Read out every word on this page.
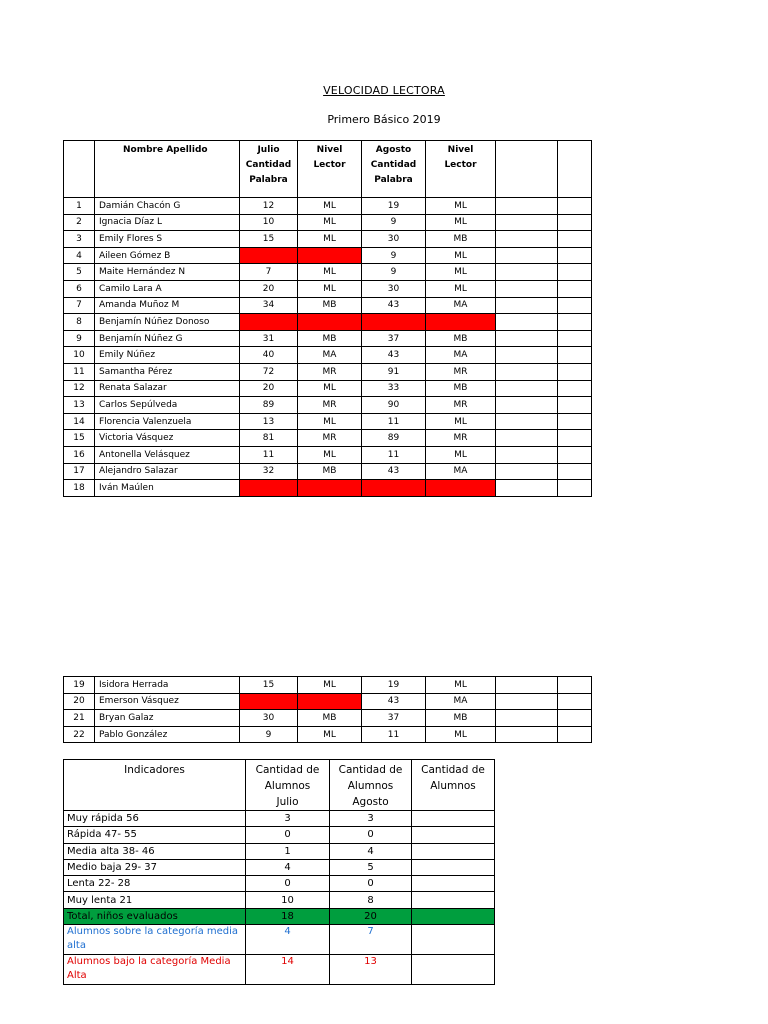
VELOCIDAD LECTORA
Primero Básico 2019
	Nombre Apellido	Julio Cantidad Palabra	Nivel Lector	Agosto Cantidad Palabra	Nivel Lector		
1	Damián Chacón G	12	ML	19	ML		
2	Ignacia Díaz L	10	ML	9	ML		
3	Emily Flores S	15	ML	30	MB		
4	Aileen Gómez B			9	ML		
5	Maite Hernández N	7	ML	9	ML		
6	Camilo Lara A	20	ML	30	ML		
7	Amanda Muñoz M	34	MB	43	MA		
8	Benjamín Núñez Donoso						
9	Benjamín Núñez G	31	MB	37	MB		
10	Emily Núñez	40	MA	43	MA		
11	Samantha Pérez	72	MR	91	MR		
12	Renata Salazar	20	ML	33	MB		
13	Carlos Sepúlveda	89	MR	90	MR		
14	Florencia Valenzuela	13	ML	11	ML		
15	Victoria Vásquez	81	MR	89	MR		
16	Antonella Velásquez	11	ML	11	ML		
17	Alejandro Salazar	32	MB	43	MA		
18	Iván Maúlen						
19	Isidora Herrada	15	ML	19	ML		
20	Emerson Vásquez			43	MA		
21	Bryan Galaz	30	MB	37	MB		
22	Pablo González	9	ML	11	ML		
Indicadores	Cantidad de Alumnos Julio	Cantidad de Alumnos Agosto	Cantidad de Alumnos
Muy rápida 56	3	3	
Rápida 47- 55	0	0	
Media alta 38- 46	1	4	
Medio baja 29- 37	4	5	
Lenta 22- 28	0	0	
Muy lenta 21	10	8	
Total, niños evaluados	18	20	
Alumnos sobre la categoría media alta	4	7	
Alumnos bajo la categoría Media Alta	14	13	
